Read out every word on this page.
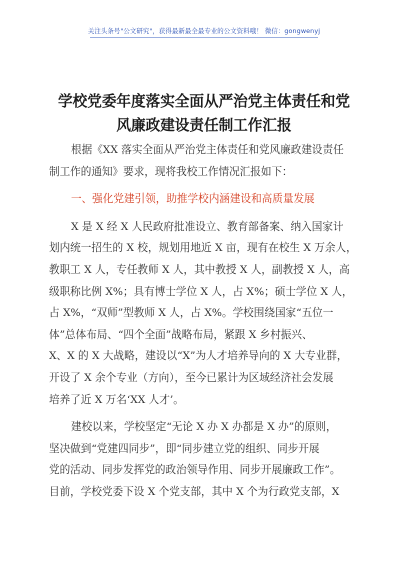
关注头条号"公文研究"，获得最新最全最专业的公文资料哦！ 微信：gongwenyj
学校党委年度落实全面从严治党主体责任和党
风廉政建设责任制工作汇报
根据《XX 落实全面从严治党主体责任和党风廉政建设责任
制工作的通知》要求，现将我校工作情况汇报如下：
一、强化党建引领，助推学校内涵建设和高质量发展
X 是 X 经 X 人民政府批准设立、教育部备案、纳入国家计
划内统一招生的 X 校，规划用地近 X 亩，现有在校生 X 万余人，
教职工 X 人，专任教师 X 人，其中教授 X 人，副教授 X 人，高
级职称比例 X%；具有博士学位 X 人，占 X%；硕士学位 X 人，
占 X%，“双师”型教师 X 人，占 X%。学校围绕国家“五位一
体”总体布局、“四个全面”战略布局，紧跟 X 乡村振兴、
X、X 的 X 大战略，建设以“X”为人才培养导向的 X 大专业群，
开设了 X 余个专业（方向），至今已累计为区域经济社会发展
培养了近 X 万名‘XX 人才’。
建校以来，学校坚定“无论 X 办 X 办都是 X 办”的原则，
坚决做到“党建四同步”，即“同步建立党的组织、同步开展
党的活动、同步发挥党的政治领导作用、同步开展廉政工作”。
目前，学校党委下设 X 个党支部，其中 X 个为行政党支部，X
